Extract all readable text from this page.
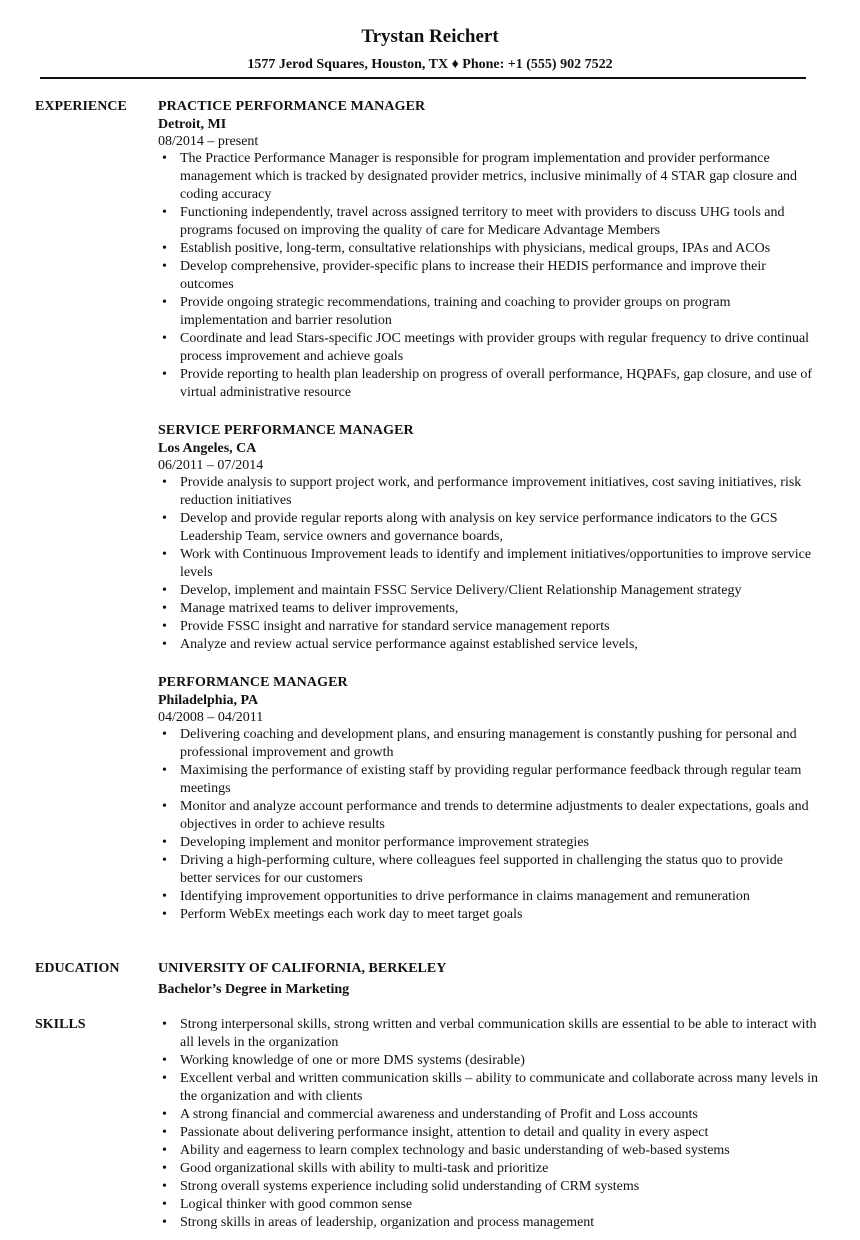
Trystan Reichert
1577 Jerod Squares, Houston, TX ♦ Phone: +1 (555) 902 7522
EXPERIENCE PRACTICE PERFORMANCE MANAGER
Detroit, MI
08/2014 – present
• The Practice Performance Manager is responsible for program implementation and provider performance management which is tracked by designated provider metrics, inclusive minimally of 4 STAR gap closure and coding accuracy
• Functioning independently, travel across assigned territory to meet with providers to discuss UHG tools and programs focused on improving the quality of care for Medicare Advantage Members
• Establish positive, long-term, consultative relationships with physicians, medical groups, IPAs and ACOs
• Develop comprehensive, provider-specific plans to increase their HEDIS performance and improve their outcomes
• Provide ongoing strategic recommendations, training and coaching to provider groups on program implementation and barrier resolution
• Coordinate and lead Stars-specific JOC meetings with provider groups with regular frequency to drive continual process improvement and achieve goals
• Provide reporting to health plan leadership on progress of overall performance, HQPAFs, gap closure, and use of virtual administrative resource
SERVICE PERFORMANCE MANAGER
Los Angeles, CA
06/2011 – 07/2014
• Provide analysis to support project work, and performance improvement initiatives, cost saving initiatives, risk reduction initiatives
• Develop and provide regular reports along with analysis on key service performance indicators to the GCS Leadership Team, service owners and governance boards,
• Work with Continuous Improvement leads to identify and implement initiatives/opportunities to improve service levels
• Develop, implement and maintain FSSC Service Delivery/Client Relationship Management strategy
• Manage matrixed teams to deliver improvements,
• Provide FSSC insight and narrative for standard service management reports
• Analyze and review actual service performance against established service levels,
PERFORMANCE MANAGER
Philadelphia, PA
04/2008 – 04/2011
• Delivering coaching and development plans, and ensuring management is constantly pushing for personal and professional improvement and growth
• Maximising the performance of existing staff by providing regular performance feedback through regular team meetings
• Monitor and analyze account performance and trends to determine adjustments to dealer expectations, goals and objectives in order to achieve results
• Developing implement and monitor performance improvement strategies
• Driving a high-performing culture, where colleagues feel supported in challenging the status quo to provide better services for our customers
• Identifying improvement opportunities to drive performance in claims management and remuneration
• Perform WebEx meetings each work day to meet target goals
EDUCATION	UNIVERSITY OF CALIFORNIA, BERKELEY
Bachelor’s Degree in Marketing
SKILLS
•	Strong interpersonal skills, strong written and verbal communication skills are essential to be able to interact with all levels in the organization
• Working knowledge of one or more DMS systems (desirable)
• Excellent verbal and written communication skills – ability to communicate and collaborate across many levels in the organization and with clients
• A strong financial and commercial awareness and understanding of Profit and Loss accounts
• Passionate about delivering performance insight, attention to detail and quality in every aspect
• Ability and eagerness to learn complex technology and basic understanding of web-based systems
• Good organizational skills with ability to multi-task and prioritize
• Strong overall systems experience including solid understanding of CRM systems
• Logical thinker with good common sense
• Strong skills in areas of leadership, organization and process management
